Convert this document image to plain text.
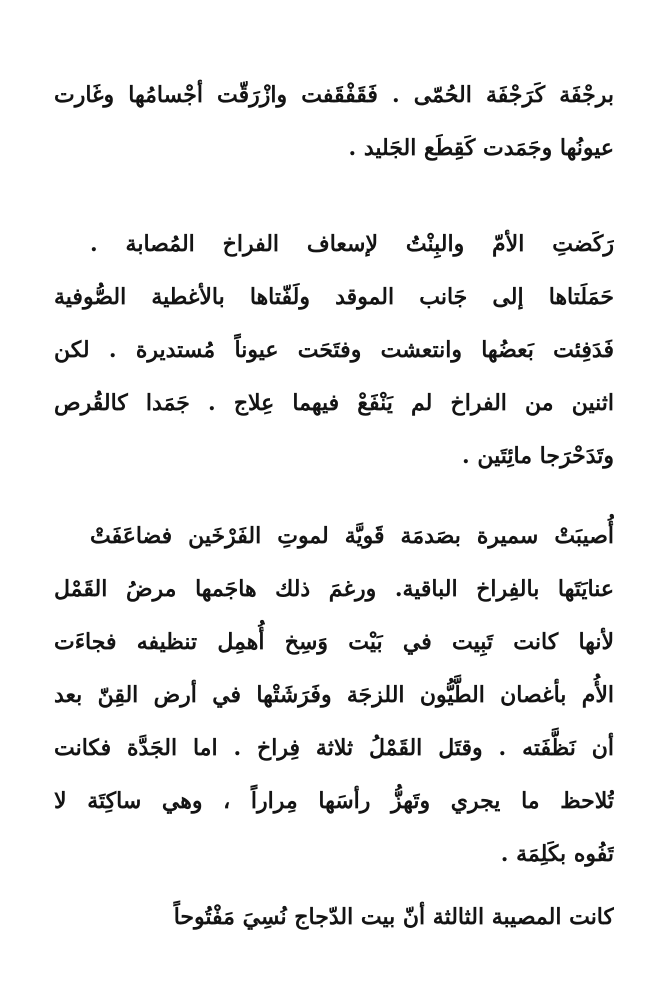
برجْفَة كَرَجْفَة الحُمّى . فَقَفْقَفت وازْرَقّت أجْسامُها وغَارت
عيونُها وجَمَدت كَقِطَع الجَليد .
رَكَضتِ الأمّ والبِنْتُ لإسعاف الفراخ المُصابة .
حَمَلَتاها إلى جَانب الموقد ولَفّتاها بالأغطية الصُّوفية
فَدَفِئت بَعضُها وانتعشت وفتَحَت عيوناً مُستديرة . لكن
اثنين من الفراخ لم يَنْفَعْ فيهما عِلاج . جَمَدا كالقُرص
وتَدَحْرَجا مائِتَين .
أُصيبَتْ سميرة بصَدمَة قَويَّة لموتِ الفَرْخَين فضاعَفَتْ
عنايَتَها بالفِراخ الباقية. ورغمَ ذلك هاجَمها مرضُ القَمْل
لأنها كانت تَبِيت في بَيْت وَسِخ أُهمِل تنظيفه فجاءَت
الأُم بأغصان الطَّيُّون اللزجَة وفَرَشَتْها في أرض القِنّ بعد
أن نَظَّفَته . وقتَل القَمْلُ ثلاثة فِراخ . اما الجَدَّة فكانت
تُلاحظ ما يجري وتَهزُّ رأسَها مِراراً ، وهي ساكِتَة لا
تَفُوه بكَلِمَة .
كانت المصيبة الثالثة أنّ بيت الدّجاج نُسِيَ مَفْتُوحاً
